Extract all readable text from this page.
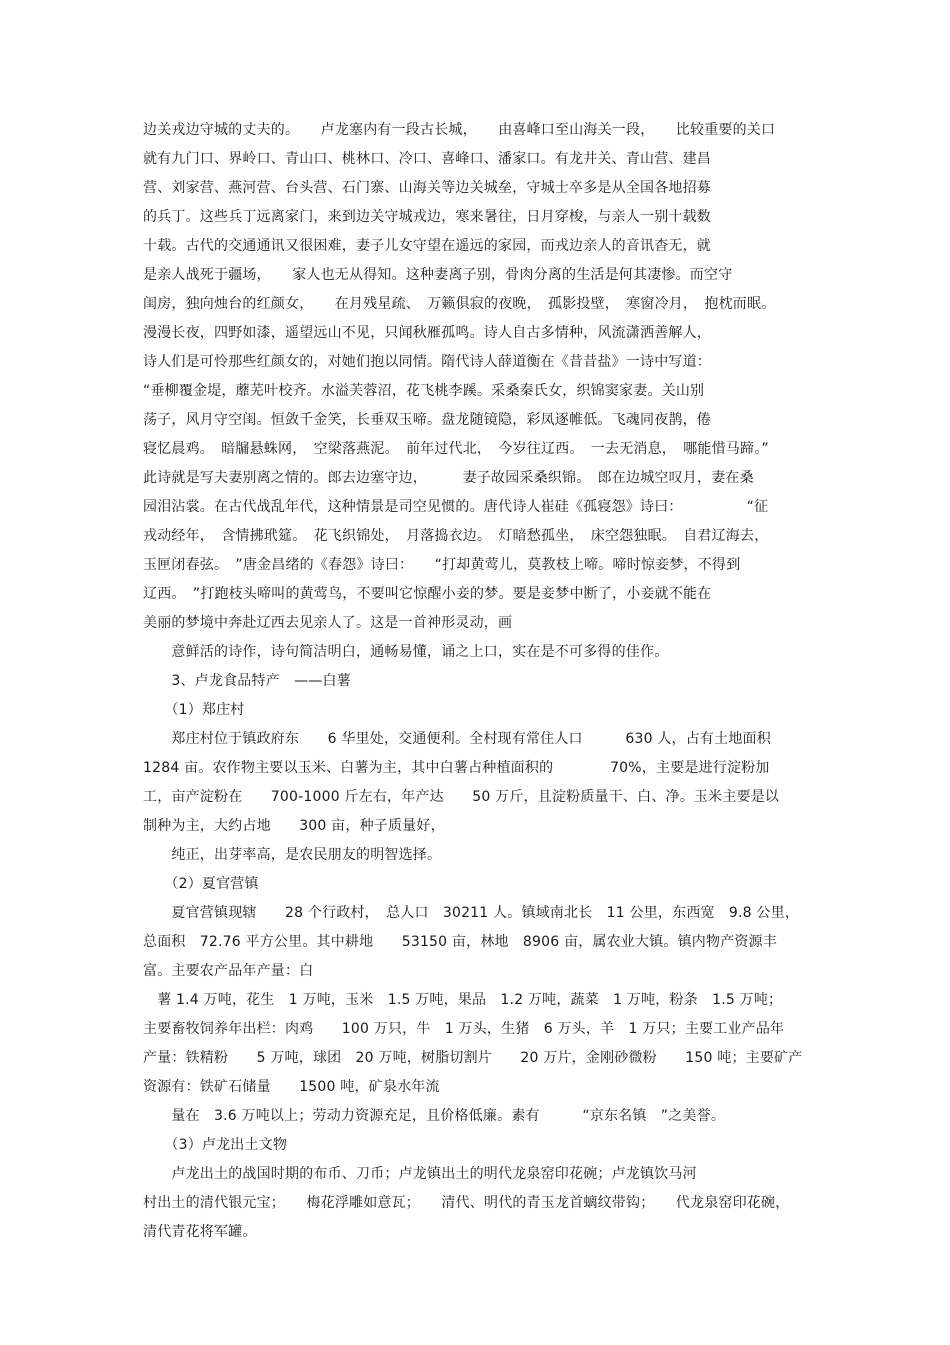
边关戎边守城的丈夫的。　　卢龙塞内有一段古长城，　　由喜峰口至山海关一段，　　比较重要的关口
就有九门口、界岭口、青山口、桃林口、冷口、喜峰口、潘家口。有龙井关、青山营、建昌
营、刘家营、燕河营、台头营、石门寨、山海关等边关城垒，守城士卒多是从全国各地招募
的兵丁。这些兵丁远离家门，来到边关守城戎边，寒来暑往，日月穿梭，与亲人一别十载数
十载。古代的交通通讯又很困难，妻子儿女守望在遥远的家园，而戎边亲人的音讯杳无，就
是亲人战死于疆场，　　家人也无从得知。这种妻离子别，骨肉分离的生活是何其凄惨。而空守
闺房，独向烛台的红颜女，　　在月残星疏、　万籁俱寂的夜晚，　孤影投壁，　寒窗冷月，　抱枕而眠。
漫漫长夜，四野如漆，遥望远山不见，只闻秋雁孤鸣。诗人自古多情种，风流潇洒善解人，
诗人们是可怜那些红颜女的，对她们抱以同情。隋代诗人薛道衡在《昔昔盐》一诗中写道：
“垂柳覆金堤，蘼芜叶校齐。水溢芙蓉沼，花飞桃李蹊。采桑秦氏女，织锦窦家妻。关山别
荡子，风月守空闺。恒敛千金笑，长垂双玉啼。盘龙随镜隐，彩凤逐帷低。飞魂同夜鹊，倦
寝忆晨鸡。　暗牖悬蛛网，　空梁落燕泥。　前年过代北，　今岁往辽西。　一去无消息，　哪能惜马蹄。”
此诗就是写夫妻别离之情的。郎去边塞守边，　　　妻子故园采桑织锦。　郎在边城空叹月，妻在桑
园泪沾裳。在古代战乱年代，这种情景是司空见惯的。唐代诗人崔硅《孤寝怨》诗曰：　　　　　“征
戎动经年，　含情拂玳筵。　花飞织锦处，　月落捣衣边。　灯暗愁孤坐，　床空怨独眠。　自君辽海去，
玉匣闭春弦。　”唐金昌绪的《春怨》诗曰：　　“打却黄莺儿，莫教枝上啼。啼时惊妾梦，不得到
辽西。　”打跑枝头啼叫的黄莺鸟，不要叫它惊醒小妾的梦。要是妾梦中断了，小妾就不能在
美丽的梦境中奔赴辽西去见亲人了。这是一首神形灵动，画
　　意鲜活的诗作，诗句简洁明白，通畅易懂，诵之上口，实在是不可多得的佳作。
　　3、卢龙食品特产　——白薯
　　（1）郑庄村
　　郑庄村位于镇政府东　　6 华里处，交通便利。全村现有常住人口　　　630 人，占有土地面积
1284 亩。农作物主要以玉米、白薯为主，其中白薯占种植面积的　　　　70%，主要是进行淀粉加
工，亩产淀粉在　　700-1000 斤左右，年产达　　50 万斤，且淀粉质量干、白、净。玉米主要是以
制种为主，大约占地　　300 亩，种子质量好，
　　纯正，出芽率高，是农民朋友的明智选择。
　　（2）夏官营镇
　　夏官营镇现辖　　28 个行政村，　总人口　30211 人。镇域南北长　11 公里，东西宽　9.8 公里，
总面积　72.76 平方公里。其中耕地　　53150 亩，林地　8906 亩，属农业大镇。镇内物产资源丰
富。主要农产品年产量：白
　薯 1.4 万吨，花生　1 万吨，玉米　1.5 万吨，果品　1.2 万吨，蔬菜　1 万吨，粉条　1.5 万吨；
主要畜牧饲养年出栏：肉鸡　　100 万只，牛　1 万头，生猪　6 万头，羊　1 万只；主要工业产品年
产量：铁精粉　　5 万吨，球团　20 万吨，树脂切割片　　20 万片，金刚砂微粉　　150 吨；主要矿产
资源有：铁矿石储量　　1500 吨，矿泉水年流
　　量在　3.6 万吨以上；劳动力资源充足，且价格低廉。素有　　　“京东名镇　”之美誉。
　　（3）卢龙出土文物
　　卢龙出土的战国时期的布币、刀币；卢龙镇出土的明代龙泉窑印花碗；卢龙镇饮马河
村出土的清代银元宝；　　梅花浮雕如意瓦；　　清代、明代的青玉龙首螭纹带钩；　　代龙泉窑印花碗，
清代青花将军罐。
